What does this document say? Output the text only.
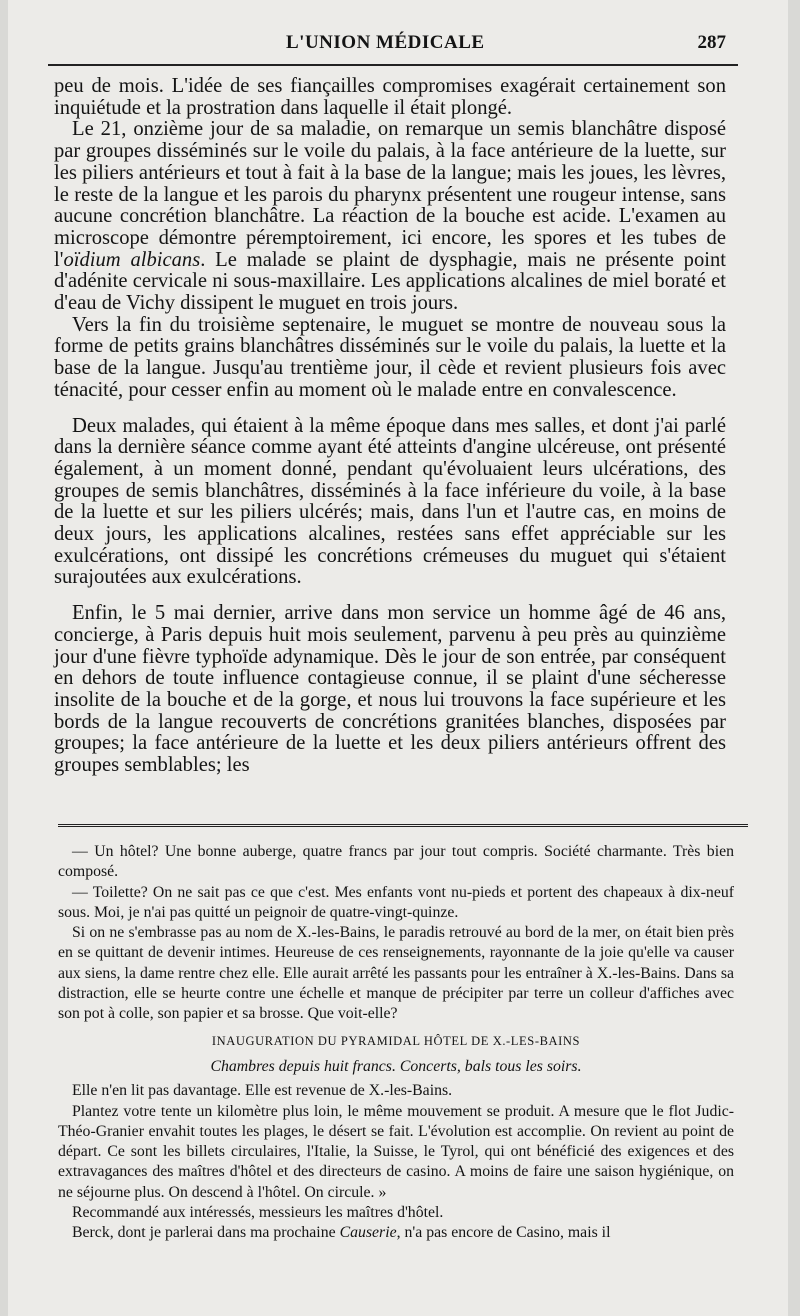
L'UNION MÉDICALE	287

peu de mois. L'idée de ses fiançailles compromises exagérait certainement son inquiétude et la prostration dans laquelle il était plongé.

Le 21, onzième jour de sa maladie, on remarque un semis blanchâtre disposé par groupes disséminés sur le voile du palais, à la face antérieure de la luette, sur les piliers antérieurs et tout à fait à la base de la langue; mais les joues, les lèvres, le reste de la langue et les parois du pharynx présentent une rougeur intense, sans aucune concrétion blanchâtre. La réaction de la bouche est acide. L'examen au microscope démontre péremptoirement, ici encore, les spores et les tubes de l'oïdium albicans. Le malade se plaint de dysphagie, mais ne présente point d'adénite cervicale ni sous-maxillaire. Les applications alcalines de miel boraté et d'eau de Vichy dissipent le muguet en trois jours.

Vers la fin du troisième septenaire, le muguet se montre de nouveau sous la forme de petits grains blanchâtres disséminés sur le voile du palais, la luette et la base de la langue. Jusqu'au trentième jour, il cède et revient plusieurs fois avec ténacité, pour cesser enfin au moment où le malade entre en convalescence.

Deux malades, qui étaient à la même époque dans mes salles, et dont j'ai parlé dans la dernière séance comme ayant été atteints d'angine ulcéreuse, ont présenté également, à un moment donné, pendant qu'évoluaient leurs ulcérations, des groupes de semis blanchâtres, disséminés à la face inférieure du voile, à la base de la luette et sur les piliers ulcérés; mais, dans l'un et l'autre cas, en moins de deux jours, les applications alcalines, restées sans effet appréciable sur les exulcérations, ont dissipé les concrétions crémeuses du muguet qui s'étaient surajoutées aux exulcérations.

Enfin, le 5 mai dernier, arrive dans mon service un homme âgé de 46 ans, concierge, à Paris depuis huit mois seulement, parvenu à peu près au quinzième jour d'une fièvre typhoïde adynamique. Dès le jour de son entrée, par conséquent en dehors de toute influence contagieuse connue, il se plaint d'une sécheresse insolite de la bouche et de la gorge, et nous lui trouvons la face supérieure et les bords de la langue recouverts de concrétions granitées blanches, disposées par groupes; la face antérieure de la luette et les deux piliers antérieurs offrent des groupes semblables; les

— Un hôtel? Une bonne auberge, quatre francs par jour tout compris. Société charmante. Très bien composé.

— Toilette? On ne sait pas ce que c'est. Mes enfants vont nu-pieds et portent des chapeaux à dix-neuf sous. Moi, je n'ai pas quitté un peignoir de quatre-vingt-quinze.

Si on ne s'embrasse pas au nom de X.-les-Bains, le paradis retrouvé au bord de la mer, on était bien près en se quittant de devenir intimes. Heureuse de ces renseignements, rayonnante de la joie qu'elle va causer aux siens, la dame rentre chez elle. Elle aurait arrêté les passants pour les entraîner à X.-les-Bains. Dans sa distraction, elle se heurte contre une échelle et manque de précipiter par terre un colleur d'affiches avec son pot à colle, son papier et sa brosse. Que voit-elle?

INAUGURATION DU PYRAMIDAL HÔTEL DE X.-LES-BAINS

Chambres depuis huit francs. Concerts, bals tous les soirs.

Elle n'en lit pas davantage. Elle est revenue de X.-les-Bains.

Plantez votre tente un kilomètre plus loin, le même mouvement se produit. A mesure que le flot Judic-Théo-Granier envahit toutes les plages, le désert se fait. L'évolution est accomplie. On revient au point de départ. Ce sont les billets circulaires, l'Italie, la Suisse, le Tyrol, qui ont bénéficié des exigences et des extravagances des maîtres d'hôtel et des directeurs de casino. A moins de faire une saison hygiénique, on ne séjourne plus. On descend à l'hôtel. On circule. »

Recommandé aux intéressés, messieurs les maîtres d'hôtel.

Berck, dont je parlerai dans ma prochaine Causerie, n'a pas encore de Casino, mais il
